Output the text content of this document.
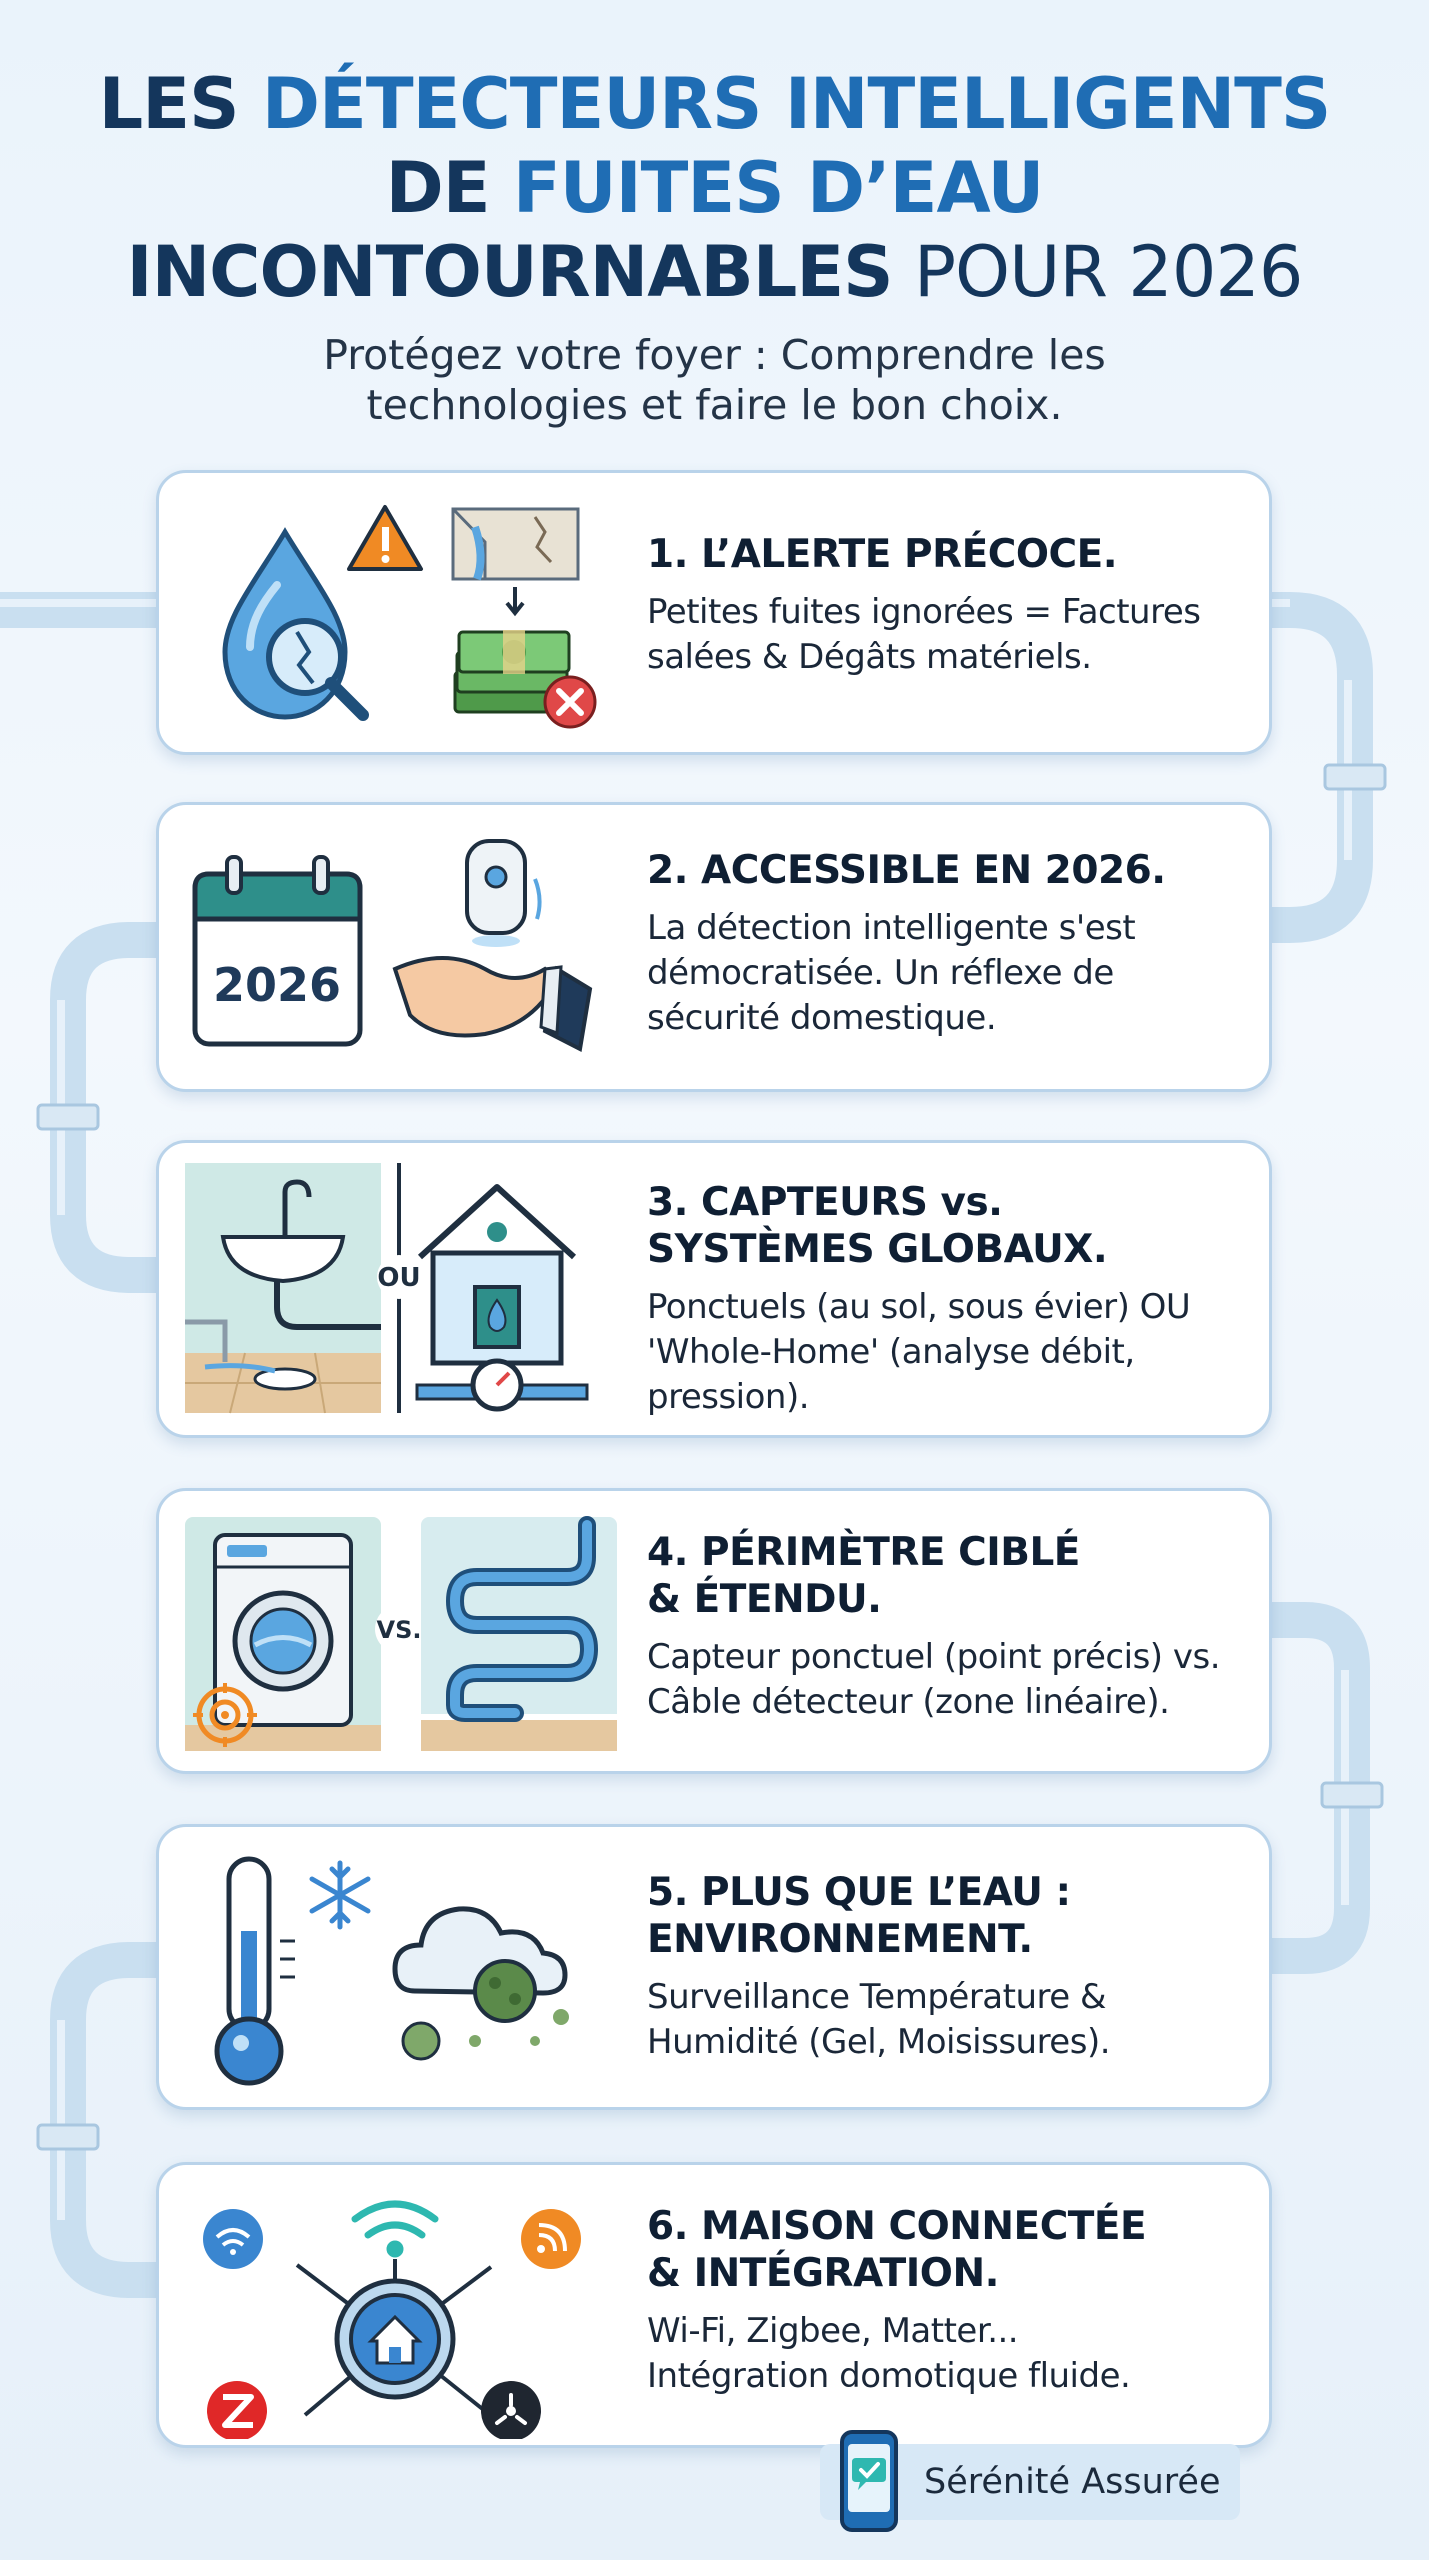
LES DÉTECTEURS INTELLIGENTS
DE FUITES D’EAU
INCONTOURNABLES POUR 2026
Protégez votre foyer : Comprendre les
technologies et faire le bon choix.
1. L’ALERTE PRÉCOCE.

Petites fuites ignorées = Factures
salées & Dégâts matériels.

2026
2. ACCESSIBLE EN 2026.

La détection intelligente s'est
démocratisée. Un réflexe de
sécurité domestique.

OU
3. CAPTEURS vs.
SYSTÈMES GLOBAUX.

Ponctuels (au sol, sous évier) OU
'Whole-Home' (analyse débit,
pression).

VS.
4. PÉRIMÈTRE CIBLÉ
& ÉTENDU.

Capteur ponctuel (point précis) vs.
Câble détecteur (zone linéaire).

5. PLUS QUE L’EAU :
ENVIRONNEMENT.

Surveillance Température &
Humidité (Gel, Moisissures).

6. MAISON CONNECTÉE
& INTÉGRATION.

Wi-Fi, Zigbee, Matter...
Intégration domotique fluide.

Sérénité Assurée
